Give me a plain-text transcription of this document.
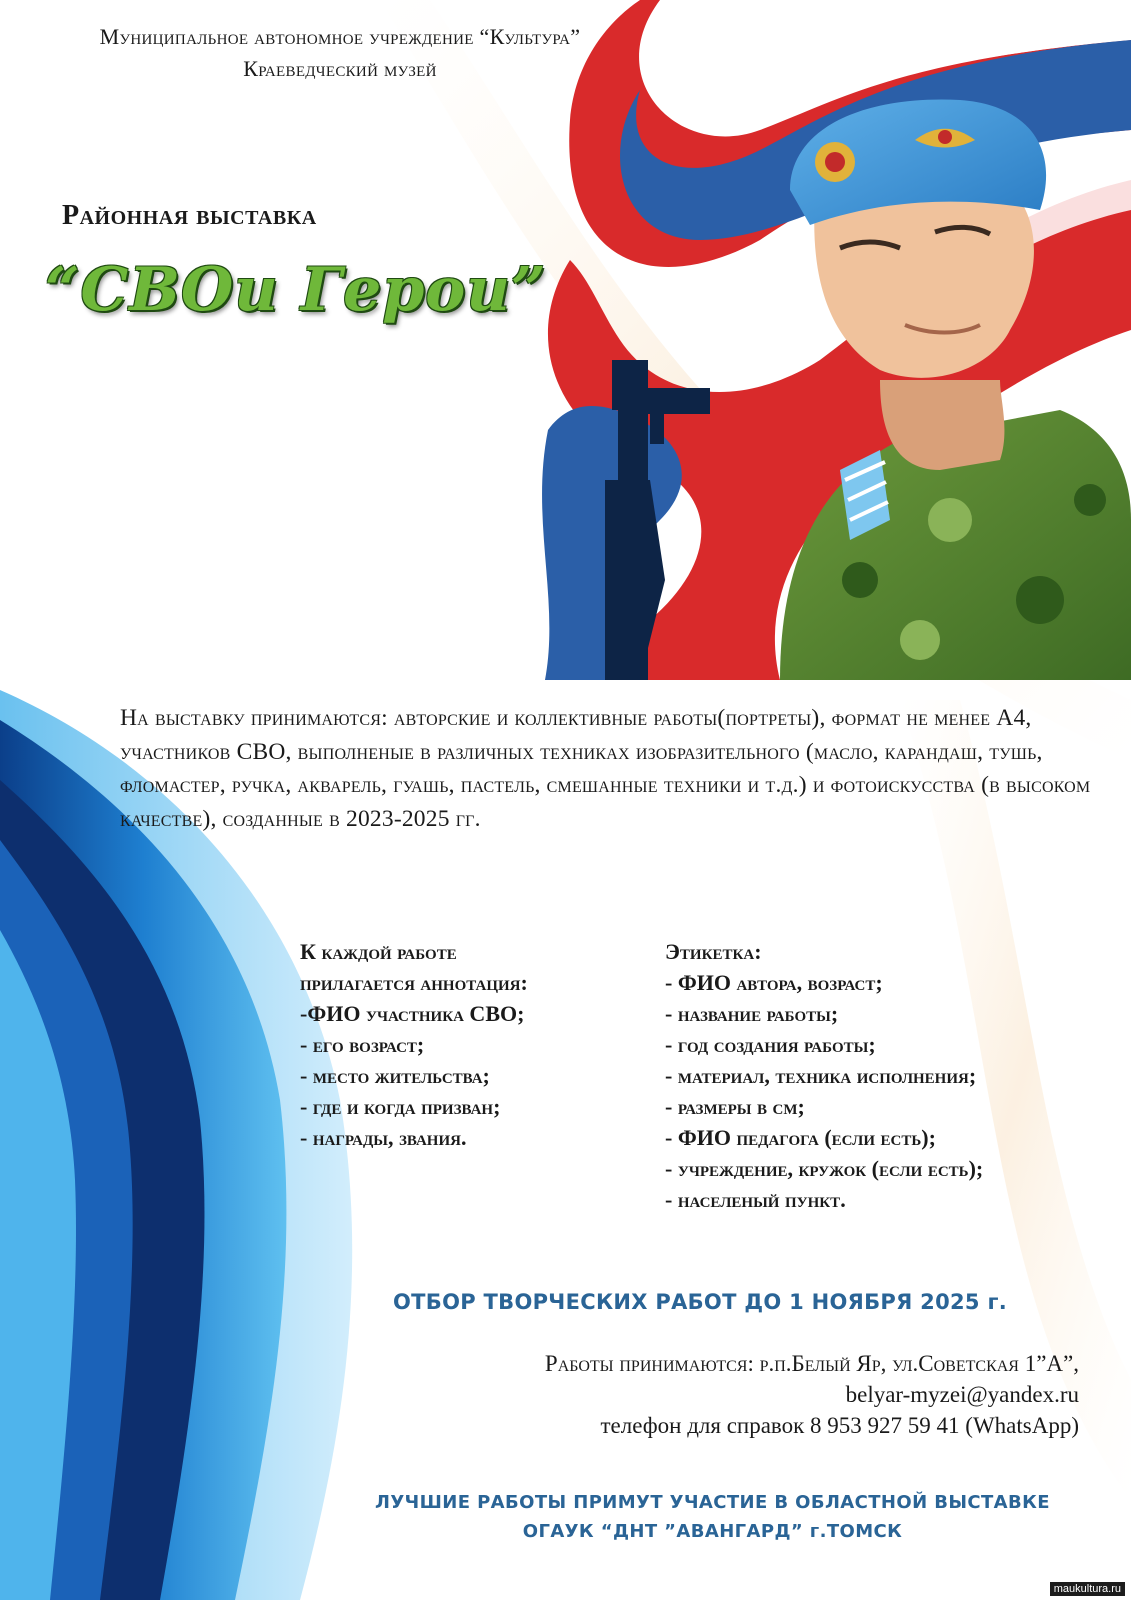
Муниципальное автономное учреждение “Культура”
Краеведческий музей
Районная выставка
“СВОи Герои”
На выставку принимаются: авторские и коллективные работы(портреты), формат не менее А4, участников СВО, выполненые в различных техниках изобразительного (масло, карандаш, тушь, фломастер, ручка, акварель, гуашь, пастель, смешанные техники и т.д.) и фотоискусства (в высоком качестве), созданные в 2023-2025 гг.
К каждой работе
прилагается аннотация:
-ФИО участника СВО;
- его возраст;
- место жительства;
- где и когда призван;
- награды, звания.
Этикетка:
- ФИО автора, возраст;
- название работы;
- год создания работы;
- материал, техника исполнения;
- размеры в см;
- ФИО педагога (если есть);
- учреждение, кружок (если есть);
- населеный пункт.
ОТБОР ТВОРЧЕСКИХ РАБОТ ДО 1 НОЯБРЯ 2025 г.
Работы принимаются: р.п.Белый Яр, ул.Советская 1”А”,
belyar-myzei@yandex.ru
телефон для справок 8 953 927 59 41 (WhatsApp)
ЛУЧШИЕ РАБОТЫ ПРИМУТ УЧАСТИЕ В ОБЛАСТНОЙ ВЫСТАВКЕ
ОГАУК “ДНТ ”АВАНГАРД” г.ТОМСК
maukultura.ru
